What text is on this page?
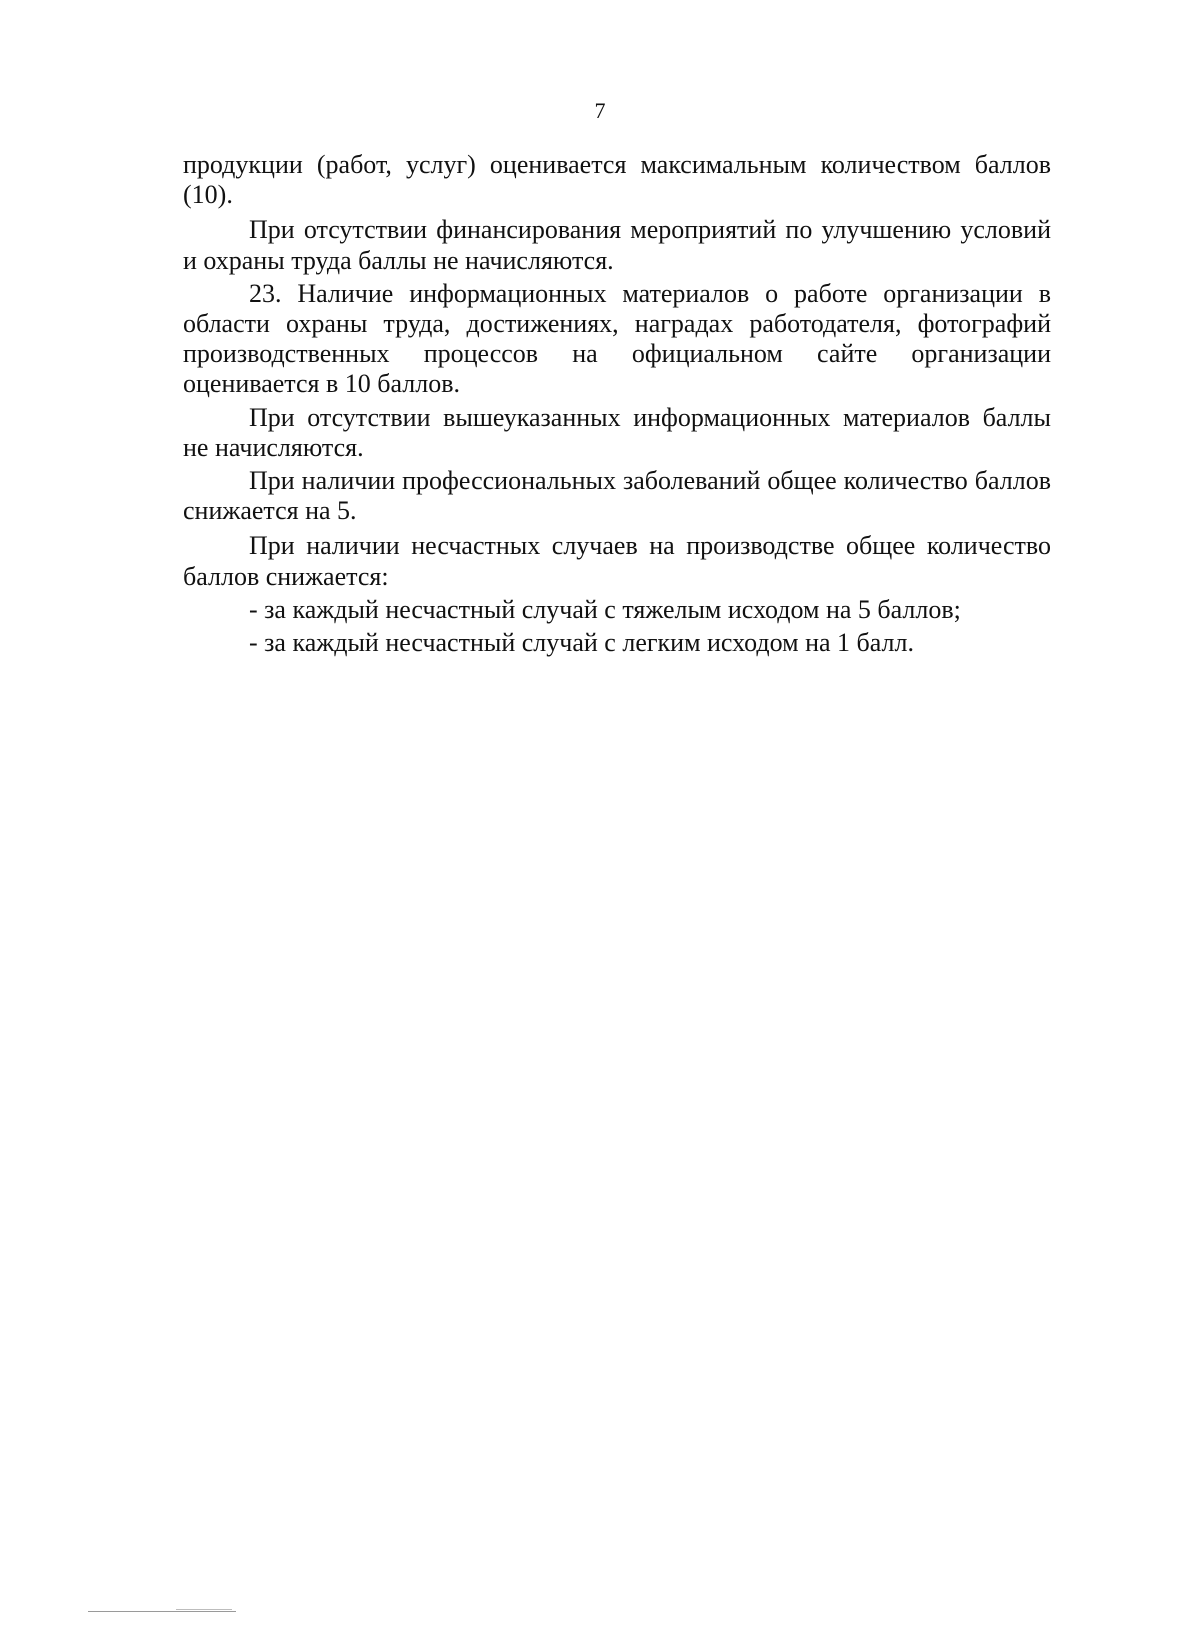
7

продукции (работ, услуг) оценивается максимальным количеством баллов (10).

При отсутствии финансирования мероприятий по улучшению условий и охраны труда баллы не начисляются.

23. Наличие информационных материалов о работе организации в области охраны труда, достижениях, наградах работодателя, фотографий производственных процессов на официальном сайте организации оценивается в 10 баллов.

При отсутствии вышеуказанных информационных материалов баллы не начисляются.

При наличии профессиональных заболеваний общее количество баллов снижается на 5.

При наличии несчастных случаев на производстве общее количество баллов снижается:

- за каждый несчастный случай с тяжелым исходом на 5 баллов;

- за каждый несчастный случай с легким исходом на 1 балл.
